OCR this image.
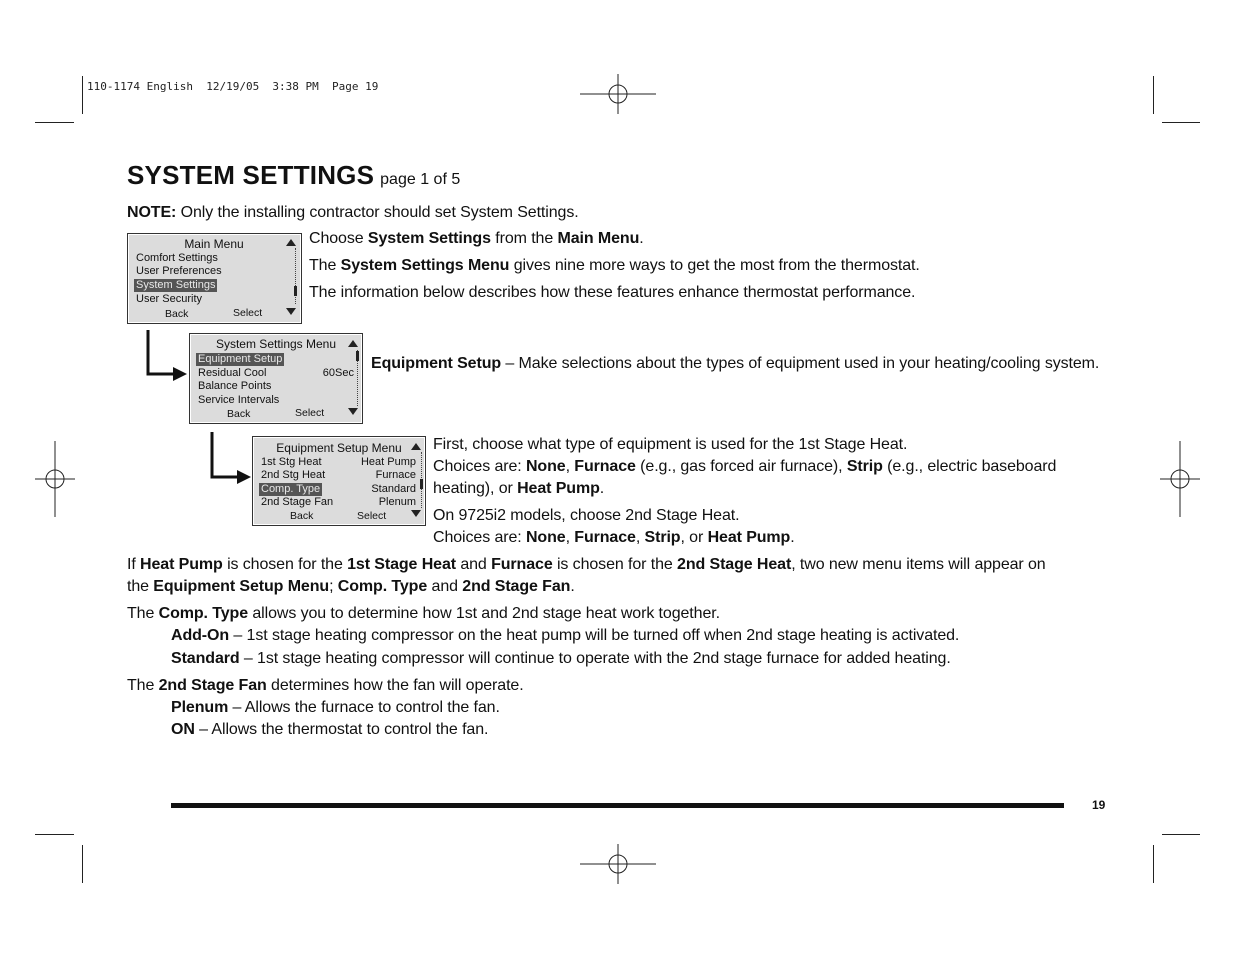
110-1174 English  12/19/05  3:38 PM  Page 19
SYSTEM SETTINGS page 1 of 5
NOTE: Only the installing contractor should set System Settings.
Main Menu
Comfort Settings
User Preferences
System Settings
User Security
Back	Select
Choose System Settings from the Main Menu.
The System Settings Menu gives nine more ways to get the most from the thermostat.
The information below describes how these features enhance thermostat performance.
System Settings Menu
Equipment Setup
Residual Cool	60Sec
Balance Points
Service Intervals
Back	Select
Equipment Setup – Make selections about the types of equipment used in your heating/cooling system.
Equipment Setup Menu
1st Stg Heat	Heat Pump
2nd Stg Heat	Furnace
Comp. Type	Standard
2nd Stage Fan	Plenum
Back	Select
First, choose what type of equipment is used for the 1st Stage Heat.
Choices are: None, Furnace (e.g., gas forced air furnace), Strip (e.g., electric baseboard
heating), or Heat Pump.
On 9725i2 models, choose 2nd Stage Heat.
Choices are: None, Furnace, Strip, or Heat Pump.
If Heat Pump is chosen for the 1st Stage Heat and Furnace is chosen for the 2nd Stage Heat, two new menu items will appear on
the Equipment Setup Menu; Comp. Type and 2nd Stage Fan.
The Comp. Type allows you to determine how 1st and 2nd stage heat work together.
Add-On – 1st stage heating compressor on the heat pump will be turned off when 2nd stage heating is activated.
Standard – 1st stage heating compressor will continue to operate with the 2nd stage furnace for added heating.
The 2nd Stage Fan determines how the fan will operate.
Plenum – Allows the furnace to control the fan.
ON – Allows the thermostat to control the fan.
19
